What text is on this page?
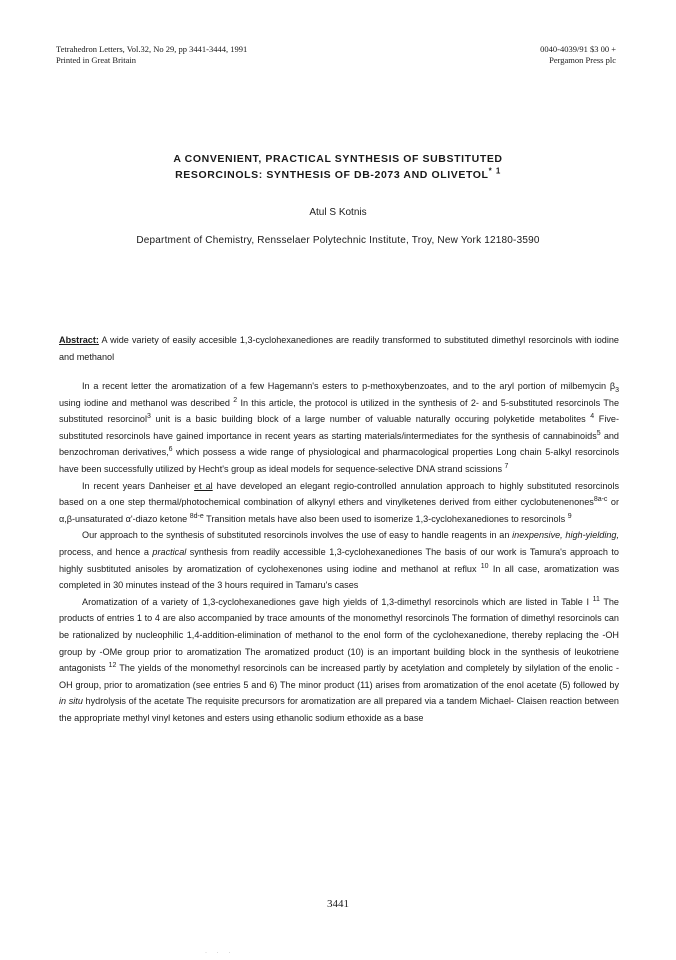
Tetrahedron Letters, Vol.32, No 29, pp 3441-3444, 1991
Printed in Great Britain
0040-4039/91 $3 00 +
Pergamon Press plc
A CONVENIENT, PRACTICAL SYNTHESIS OF SUBSTITUTED
RESORCINOLS: SYNTHESIS OF DB-2073 AND OLIVETOL* $^1$
Atul S Kotnis
Department of Chemistry, Rensselaer Polytechnic Institute, Troy, New York 12180-3590
Abstract: A wide variety of easily accesible 1,3-cyclohexanediones are readily transformed to substituted dimethyl resorcinols with iodine and methanol

In a recent letter the aromatization of a few Hagemann's esters to p-methoxybenzoates, and to the aryl portion of milbemycin $\beta_3$ using iodine and methanol was described $^2$ In this article, the protocol is utilized in the synthesis of 2- and 5-substituted resorcinols The substituted resorcinol$^3$ unit is a basic building block of a large number of valuable naturally occuring polyketide metabolites $^4$ Five-substituted resorcinols have gained importance in recent years as starting materials/intermediates for the synthesis of cannabinoids$^5$ and benzochroman derivatives,$^6$ which possess a wide range of physiological and pharmacological properties Long chain 5-alkyl resorcinols have been successfully utilized by Hecht's group as ideal models for sequence-selective DNA strand scissions $^7$

In recent years Danheiser et al have developed an elegant regio-controlled annulation approach to highly substituted resorcinols based on a one step thermal/photochemical combination of alkynyl ethers and vinylketenes derived from either cyclobutenenones$^{8a-c}$ or α,β-unsaturated α'-diazo ketone $^{8d-e}$ Transition metals have also been used to isomerize 1,3-cyclohexanediones to resorcinols $^9$

Our approach to the synthesis of substituted resorcinols involves the use of easy to handle reagents in an inexpensive, high-yielding, process, and hence a practical synthesis from readily accessible 1,3-cyclohexanediones The basis of our work is Tamura's approach to highly susbtituted anisoles by aromatization of cyclohexenones using iodine and methanol at reflux $^{10}$ In all case, aromatization was completed in 30 minutes instead of the 3 hours required in Tamaru's cases

Aromatization of a variety of 1,3-cyclohexanediones gave high yields of 1,3-dimethyl resorcinols which are listed in Table I $^{11}$ The products of entries 1 to 4 are also accompanied by trace amounts of the monomethyl resorcinols The formation of dimethyl resorcinols can be rationalized by nucleophilic 1,4-addition-elimination of methanol to the enol form of the cyclohexanedione, thereby replacing the -OH group by -OMe group prior to aromatization The aromatized product (10) is an important building block in the synthesis of leukotriene antagonists $^{12}$ The yields of the monomethyl resorcinols can be increased partly by acetylation and completely by silylation of the enolic -OH group, prior to aromatization (see entries 5 and 6) The minor product (11) arises from aromatization of the enol acetate (5) followed by in situ hydrolysis of the acetate The requisite precursors for aromatization are all prepared via a tandem Michael- Claisen reaction between the appropriate methyl vinyl ketones and esters using ethanolic sodium ethoxide as a base

3441
· · ·
